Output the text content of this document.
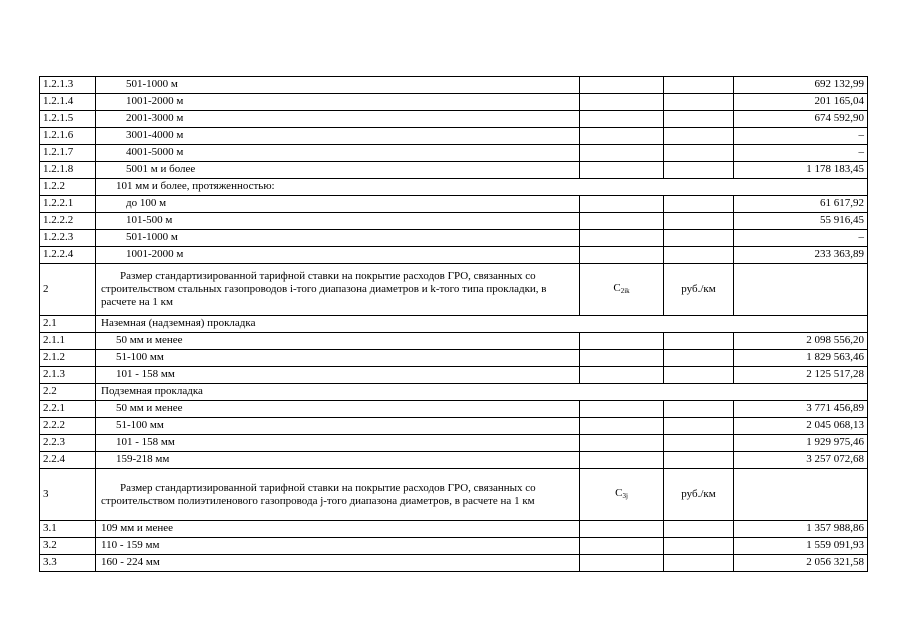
1.2.1.3	501-1000 м			692 132,99
1.2.1.4	1001-2000 м			201 165,04
1.2.1.5	2001-3000 м			674 592,90
1.2.1.6	3001-4000 м			–
1.2.1.7	4001-5000 м			–
1.2.1.8	5001 м и более			1 178 183,45
1.2.2	101 мм и более, протяженностью:			
1.2.2.1	до 100 м			61 617,92
1.2.2.2	101-500 м			55 916,45
1.2.2.3	501-1000 м			–
1.2.2.4	1001-2000 м			233 363,89
2	Размер стандартизированной тарифной ставки на покрытие расходов ГРО, связанных со строительством стальных газопроводов i-того диапазона диаметров и k-того типа прокладки, в расчете на 1 км	$C_{2ik}$	руб./км	
2.1	Наземная (надземная) прокладка			
2.1.1	50 мм и менее			2 098 556,20
2.1.2	51-100 мм			1 829 563,46
2.1.3	101 - 158 мм			2 125 517,28
2.2	Подземная прокладка			
2.2.1	50 мм и менее			3 771 456,89
2.2.2	51-100 мм			2 045 068,13
2.2.3	101 - 158 мм			1 929 975,46
2.2.4	159-218 мм			3 257 072,68
3	Размер стандартизированной тарифной ставки на покрытие расходов ГРО, связанных со строительством полиэтиленового газопровода j-того диапазона диаметров, в расчете на 1 км	$C_{3j}$	руб./км	
3.1	109 мм и менее			1 357 988,86
3.2	110 - 159 мм			1 559 091,93
3.3	160 - 224 мм			2 056 321,58
